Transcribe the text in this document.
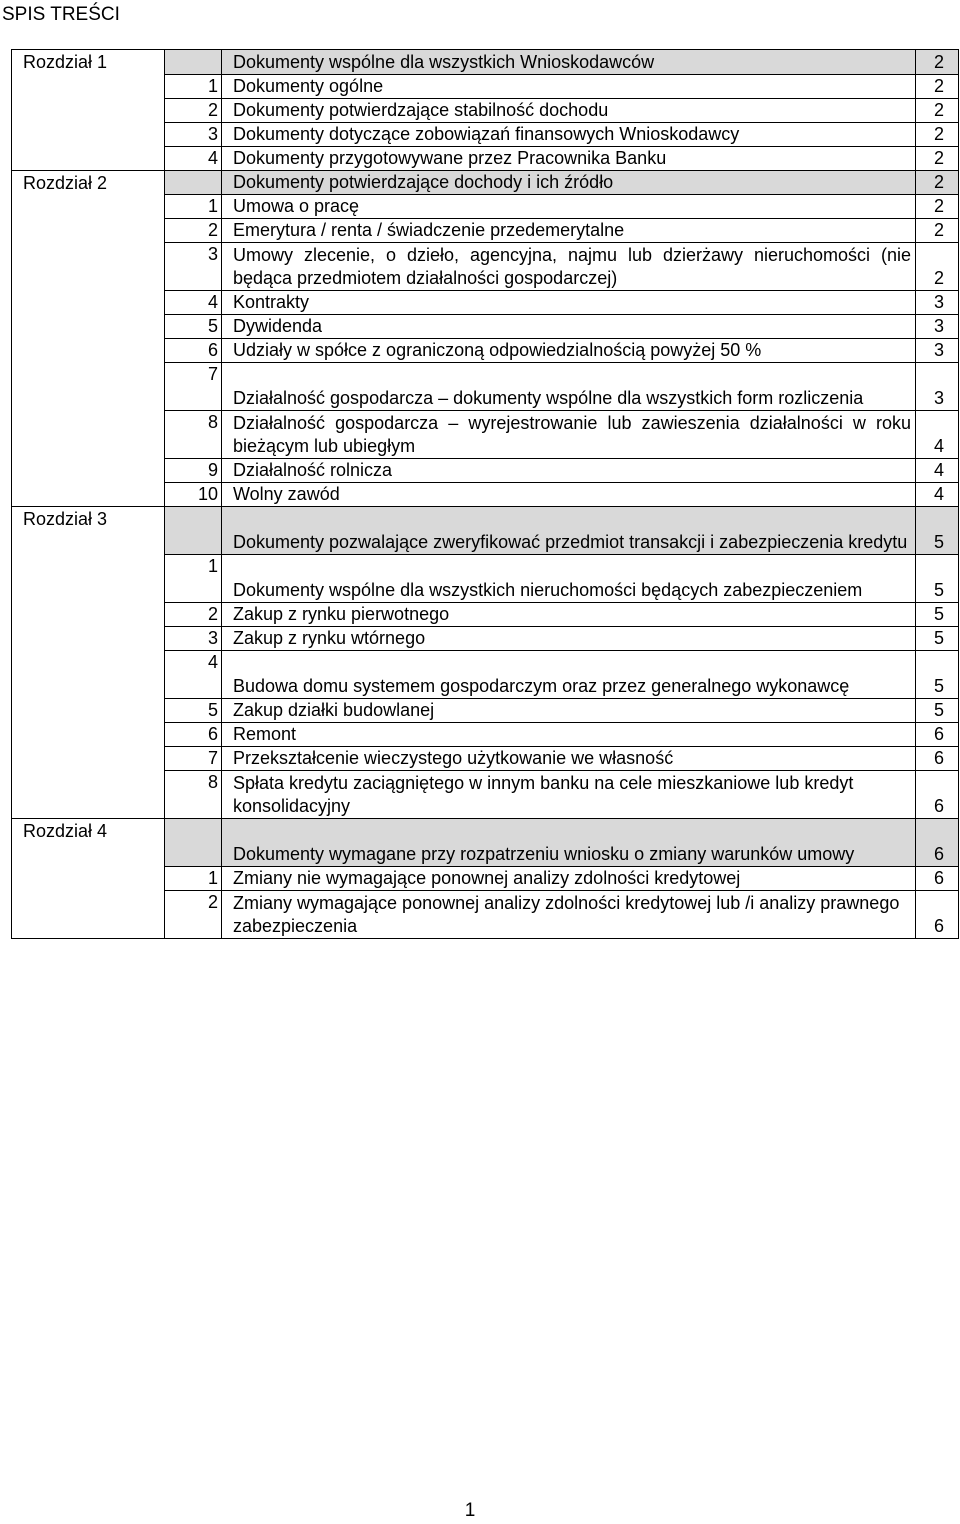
SPIS TREŚCI
Rozdział 1		Dokumenty wspólne dla wszystkich Wnioskodawców	2
	1	Dokumenty ogólne	2
	2	Dokumenty potwierdzające stabilność dochodu	2
	3	Dokumenty dotyczące zobowiązań finansowych Wnioskodawcy	2
	4	Dokumenty przygotowywane przez Pracownika Banku	2
Rozdział 2		Dokumenty potwierdzające dochody i ich źródło	2
	1	Umowa o pracę	2
	2	Emerytura / renta / świadczenie przedemerytalne	2
	3	Umowy zlecenie, o dzieło, agencyjna, najmu lub dzierżawy nieruchomości (nie będąca przedmiotem działalności gospodarczej)	2
	4	Kontrakty	3
	5	Dywidenda	3
	6	Udziały w spółce z ograniczoną odpowiedzialnością powyżej 50 %	3
	7	Działalność gospodarcza – dokumenty wspólne dla wszystkich form rozliczenia	3
	8	Działalność gospodarcza – wyrejestrowanie lub zawieszenia działalności w roku bieżącym lub ubiegłym	4
	9	Działalność rolnicza	4
	10	Wolny zawód	4
Rozdział 3		Dokumenty pozwalające zweryfikować przedmiot transakcji i zabezpieczenia kredytu	5
	1	Dokumenty wspólne dla wszystkich nieruchomości będących zabezpieczeniem	5
	2	Zakup z rynku pierwotnego	5
	3	Zakup z rynku wtórnego	5
	4	Budowa domu systemem gospodarczym oraz przez generalnego wykonawcę	5
	5	Zakup działki budowlanej	5
	6	Remont	6
	7	Przekształcenie wieczystego użytkowanie we własność	6
	8	Spłata kredytu zaciągniętego w innym banku na cele mieszkaniowe lub kredyt konsolidacyjny	6
Rozdział 4		Dokumenty wymagane przy rozpatrzeniu wniosku o zmiany warunków umowy	6
	1	Zmiany nie wymagające ponownej analizy zdolności kredytowej	6
	2	Zmiany wymagające ponownej analizy zdolności kredytowej lub /i analizy prawnego zabezpieczenia	6
1
